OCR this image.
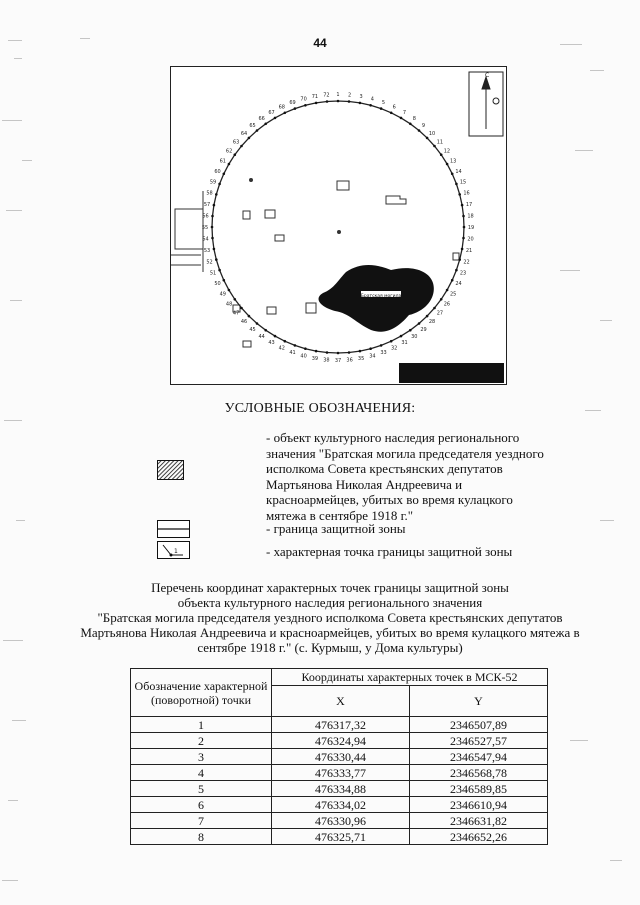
44
Братская могила
С
1 2 3 4
5
6
7
8
9
10
11
12
13
14
15
16
17
18
19
20
21
22
23
24
25
26
27
28
29
30
31
32
33
34
35
36
37
38
39
40
41
42
43
44
45
46
47
48
49
50
51
52
53
54
55
56
57
58
59
60
61
62
63
64
65
66
67
68
69
70 71 72
УСЛОВНЫЕ ОБОЗНАЧЕНИЯ:
- объект культурного наследия регионального значения "Братская могила председателя уездного исполкома Совета крестьянских депутатов Мартьянова Николая Андреевича и красноармейцев, убитых во время кулацкого мятежа в сентябре 1918 г."
- граница защитной зоны
1	- характерная точка границы защитной зоны
Перечень координат характерных точек границы защитной зоны
объекта культурного наследия регионального значения
"Братская могила председателя уездного исполкома Совета крестьянских депутатов
Мартьянова Николая Андреевича и красноармейцев, убитых во время кулацкого мятежа в
сентябре 1918 г." (с. Курмыш, у Дома культуры)
Обозначение характерной (поворотной) точки	Координаты характерных точек в МСК-52	
	X	Y
1	476317,32	2346507,89
2	476324,94	2346527,57
3	476330,44	2346547,94
4	476333,77	2346568,78
5	476334,88	2346589,85
6	476334,02	2346610,94
7	476330,96	2346631,82
8	476325,71	2346652,26
